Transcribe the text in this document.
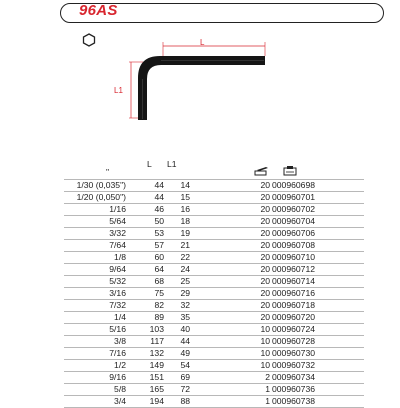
96AS
L
L1
"
L L1
1/30 (0,035")	44	14	20 000960698
1/20 (0,050")	44	15	20 000960701
1/16	46	16	20 000960702
5/64	50	18	20 000960704
3/32	53	19	20 000960706
7/64	57	21	20 000960708
1/8	60	22	20 000960710
9/64	64	24	20 000960712
5/32	68	25	20 000960714
3/16	75	29	20 000960716
7/32	82	32	20 000960718
1/4	89	35	20 000960720
5/16	103	40	10 000960724
3/8	117	44	10 000960728
7/16	132	49	10 000960730
1/2	149	54	10 000960732
9/16	151	69	2 000960734
5/8	165	72	1 000960736
3/4	194	88	1 000960738
